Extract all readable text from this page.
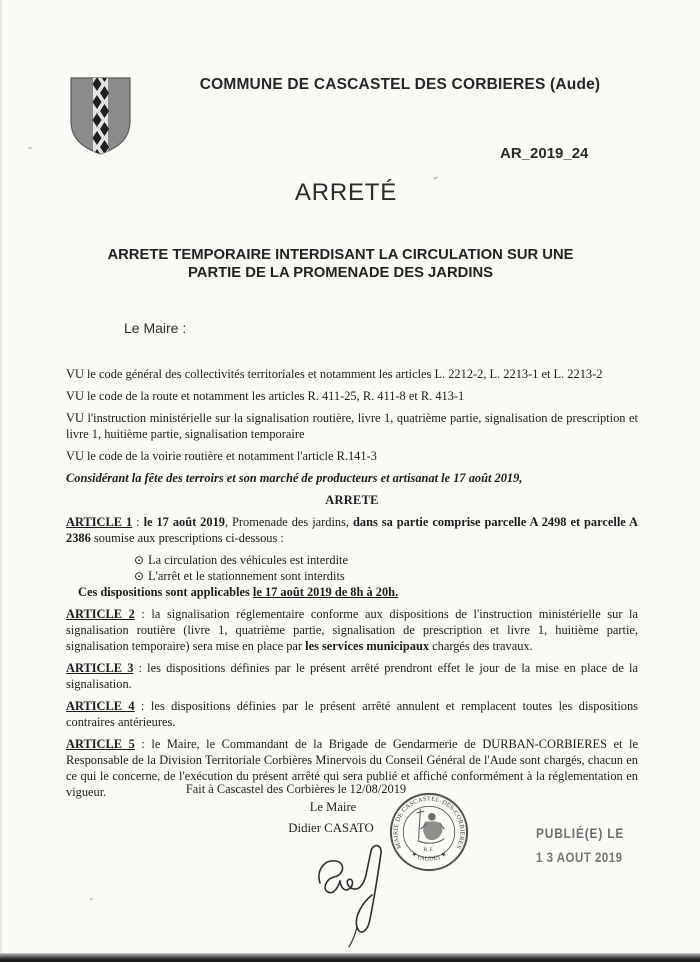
COMMUNE DE CASCASTEL DES CORBIERES (Aude)
AR_2019_24
ARRETÉ
ARRETE TEMPORAIRE INTERDISANT LA CIRCULATION SUR UNE
PARTIE DE LA PROMENADE DES JARDINS
Le Maire :

VU le code général des collectivités territoriales et notamment les articles L. 2212-2, L. 2213-1 et L. 2213-2

VU le code de la route et notamment les articles R. 411-25, R. 411-8 et R. 413-1

VU l'instruction ministérielle sur la signalisation routière, livre 1, quatrième partie, signalisation de prescription et livre 1, huitième partie, signalisation temporaire

VU le code de la voirie routière et notamment l'article R.141-3

Considérant la fête des terroirs et son marché de producteurs et artisanat le 17 août 2019,

ARRETE

ARTICLE 1 : le 17 août 2019, Promenade des jardins, dans sa partie comprise parcelle A 2498 et parcelle A 2386 soumise aux prescriptions ci-dessous :

⊙ La circulation des véhicules est interdite

⊙ L'arrêt et le stationnement sont interdits

Ces dispositions sont applicables le 17 août 2019 de 8h à 20h.

ARTICLE 2 : la signalisation réglementaire conforme aux dispositions de l'instruction ministérielle sur la signalisation routière (livre 1, quatrième partie, signalisation de prescription et livre 1, huitième partie, signalisation temporaire) sera mise en place par les services municipaux chargés des travaux.

ARTICLE 3 : les dispositions définies par le présent arrêté prendront effet le jour de la mise en place de la signalisation.

ARTICLE 4 : les dispositions définies par le présent arrêté annulent et remplacent toutes les dispositions contraires antérieures.

ARTICLE 5 : le Maire, le Commandant de la Brigade de Gendarmerie de DURBAN-CORBIERES et le Responsable de la Division Territoriale Corbières Minervois du Conseil Général de l'Aude sont chargés, chacun en ce qui le concerne, de l'exécution du présent arrêté qui sera publié et affiché conformément à la réglementation en vigueur.	Fait à Cascastel des Corbières le 12/08/2019
Le Maire
Didier CASATO
MAIRIE DE CASCASTEL-DES-CORBIERES
★ (AUDE) ★
R.F.
PUBLIÉ(E) LE
1 3 AOUT 2019
